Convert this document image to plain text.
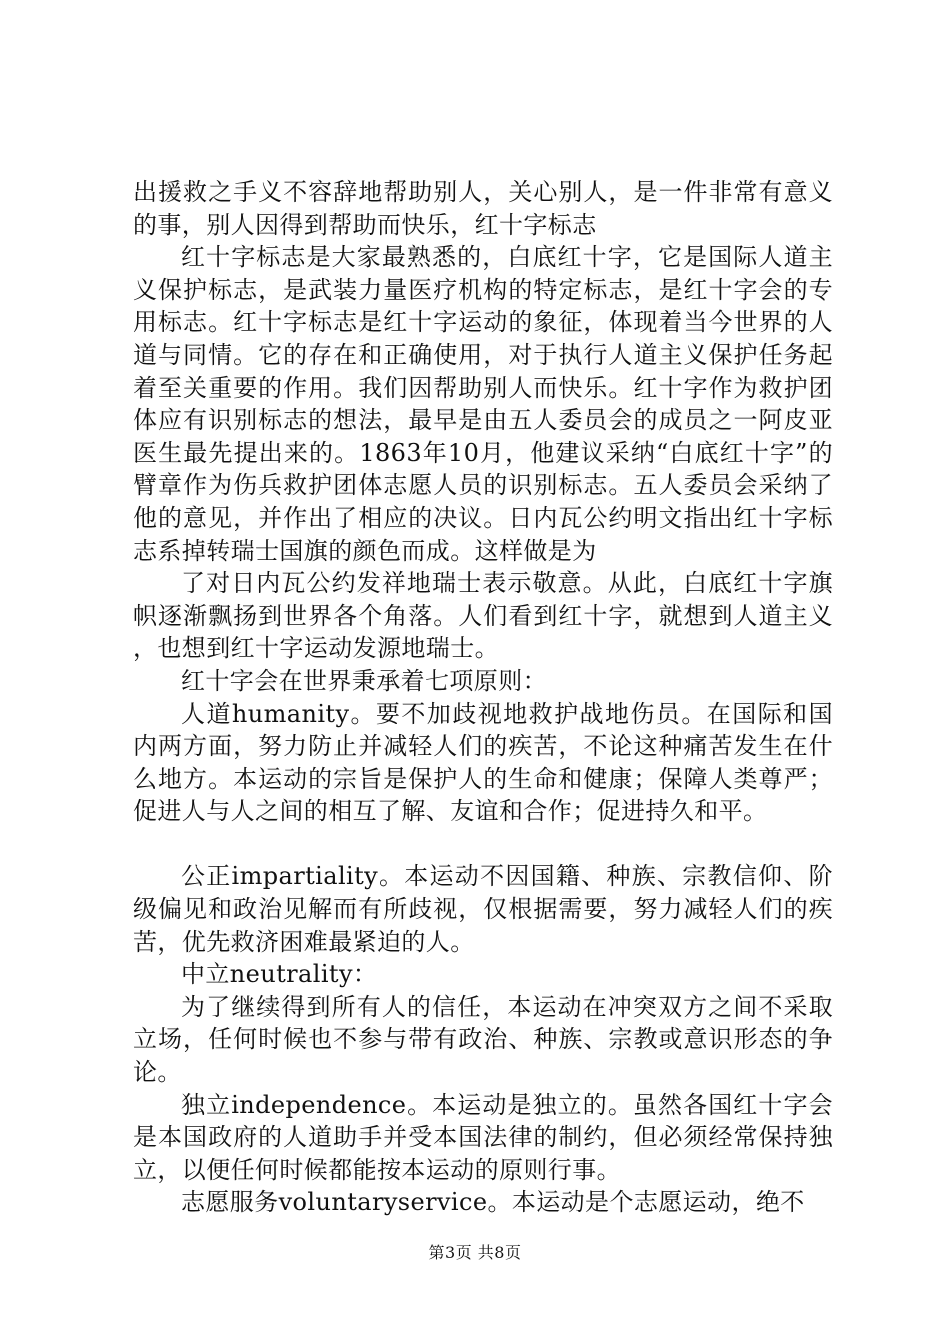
出援救之手义不容辞地帮助别人，关心别人，是一件非常有意义的事，别人因得到帮助而快乐，红十字标志

红十字标志是大家最熟悉的，白底红十字，它是国际人道主义保护标志，是武装力量医疗机构的特定标志，是红十字会的专用标志。红十字标志是红十字运动的象征，体现着当今世界的人道与同情。它的存在和正确使用，对于执行人道主义保护任务起着至关重要的作用。我们因帮助别人而快乐。红十字作为救护团体应有识别标志的想法，最早是由五人委员会的成员之一阿皮亚医生最先提出来的。1863年10月，他建议采纳“白底红十字”的臂章作为伤兵救护团体志愿人员的识别标志。五人委员会采纳了他的意见，并作出了相应的决议。日内瓦公约明文指出红十字标志系掉转瑞士国旗的颜色而成。这样做是为

了对日内瓦公约发祥地瑞士表示敬意。从此，白底红十字旗帜逐渐飘扬到世界各个角落。人们看到红十字，就想到人道主义，也想到红十字运动发源地瑞士。

红十字会在世界秉承着七项原则：

人道humanity。要不加歧视地救护战地伤员。在国际和国内两方面，努力防止并减轻人们的疾苦，不论这种痛苦发生在什么地方。本运动的宗旨是保护人的生命和健康；保障人类尊严；促进人与人之间的相互了解、友谊和合作；促进持久和平。

公正impartiality。本运动不因国籍、种族、宗教信仰、阶级偏见和政治见解而有所歧视，仅根据需要，努力减轻人们的疾苦，优先救济困难最紧迫的人。

中立neutrality：

为了继续得到所有人的信任，本运动在冲突双方之间不采取立场，任何时候也不参与带有政治、种族、宗教或意识形态的争论。

独立independence。本运动是独立的。虽然各国红十字会是本国政府的人道助手并受本国法律的制约，但必须经常保持独立，以便任何时候都能按本运动的原则行事。

志愿服务voluntaryservice。本运动是个志愿运动，绝不

第3页 共8页
